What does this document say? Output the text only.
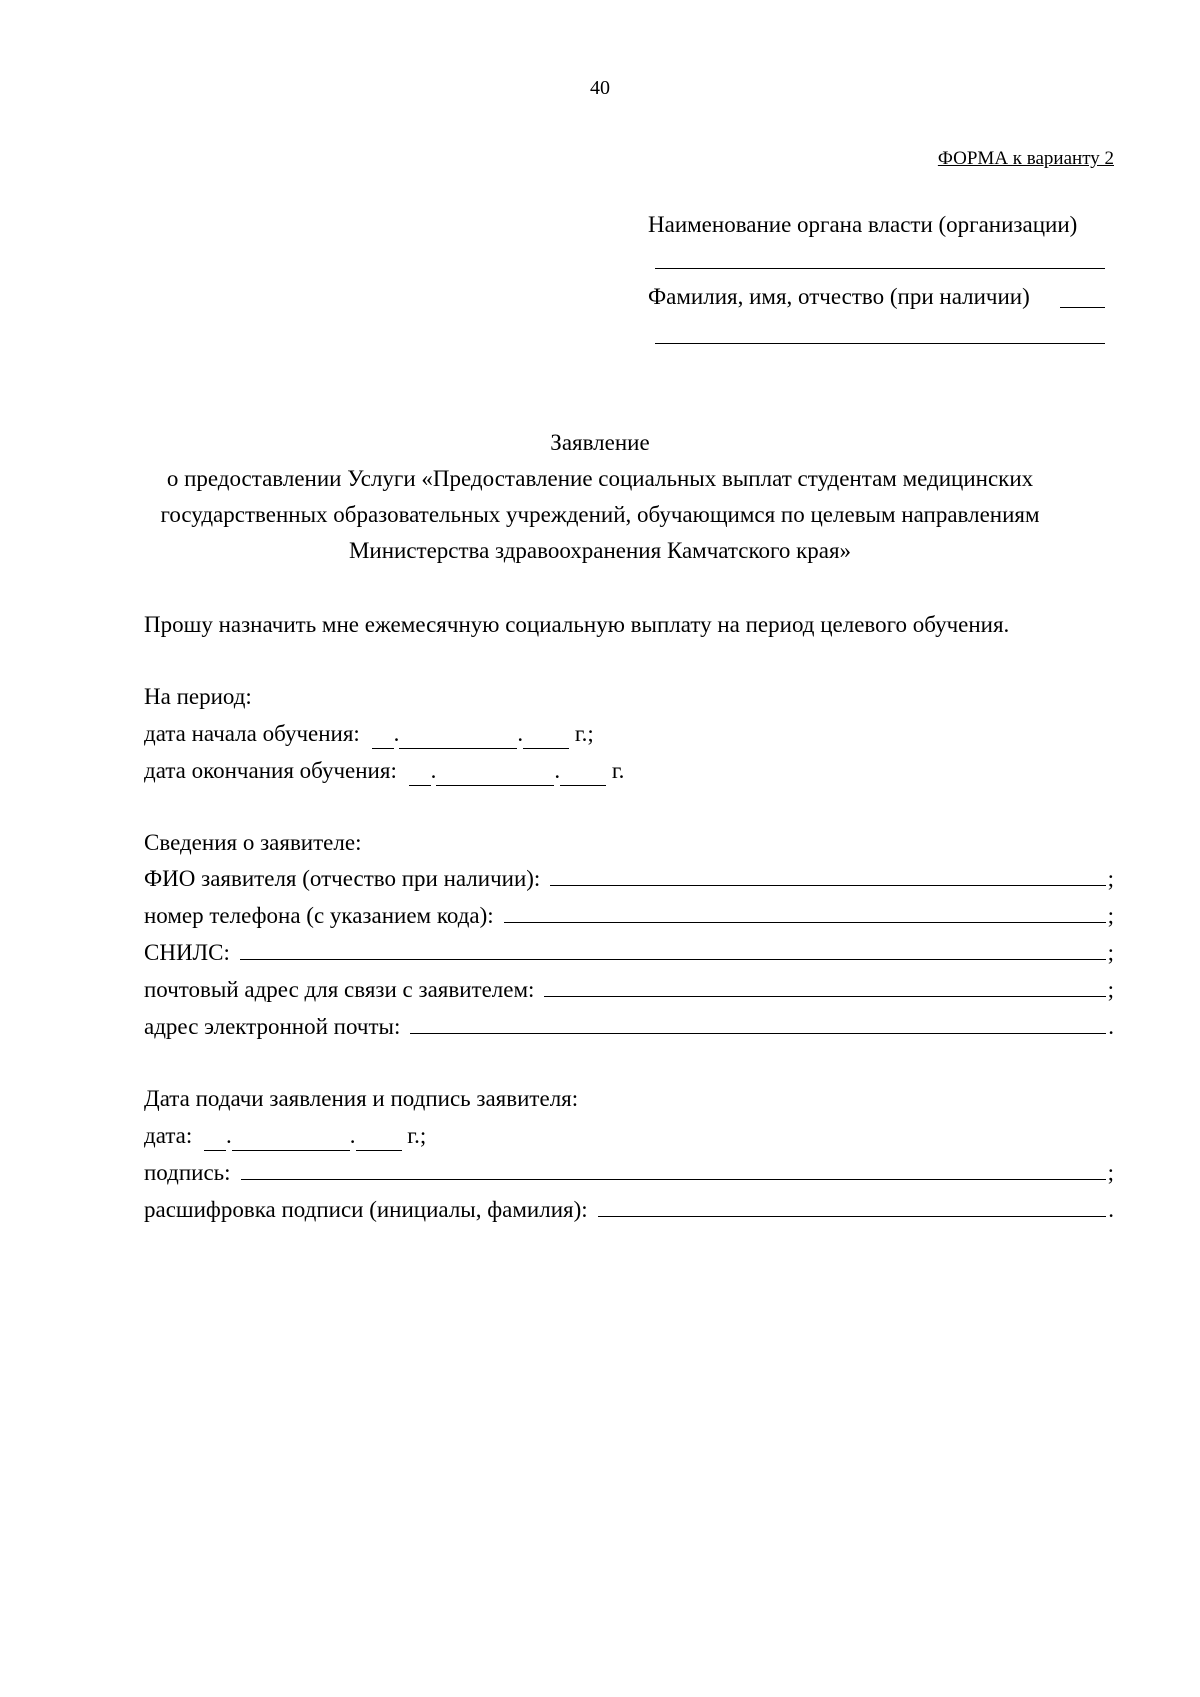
40
ФОРМА к варианту 2
Наименование органа власти (организации)
Фамилия, имя, отчество (при наличии)
Заявление
о предоставлении Услуги «Предоставление социальных выплат студентам медицинских
государственных образовательных учреждений, обучающимся по целевым направлениям
Министерства здравоохранения Камчатского края»
Прошу назначить мне ежемесячную социальную выплату на период целевого обучения.
На период:
дата начала обучения: .	. г.;
дата окончания обучения: .	. г.
Сведения о заявителе:
ФИО заявителя (отчество при наличии):	;
номер телефона (с указанием кода):	;
СНИЛС:	;
почтовый адрес для связи с заявителем:	;
адрес электронной почты:	.
Дата подачи заявления и подпись заявителя:
дата: .	. г.;
подпись:	;
расшифровка подписи (инициалы, фамилия):	.
